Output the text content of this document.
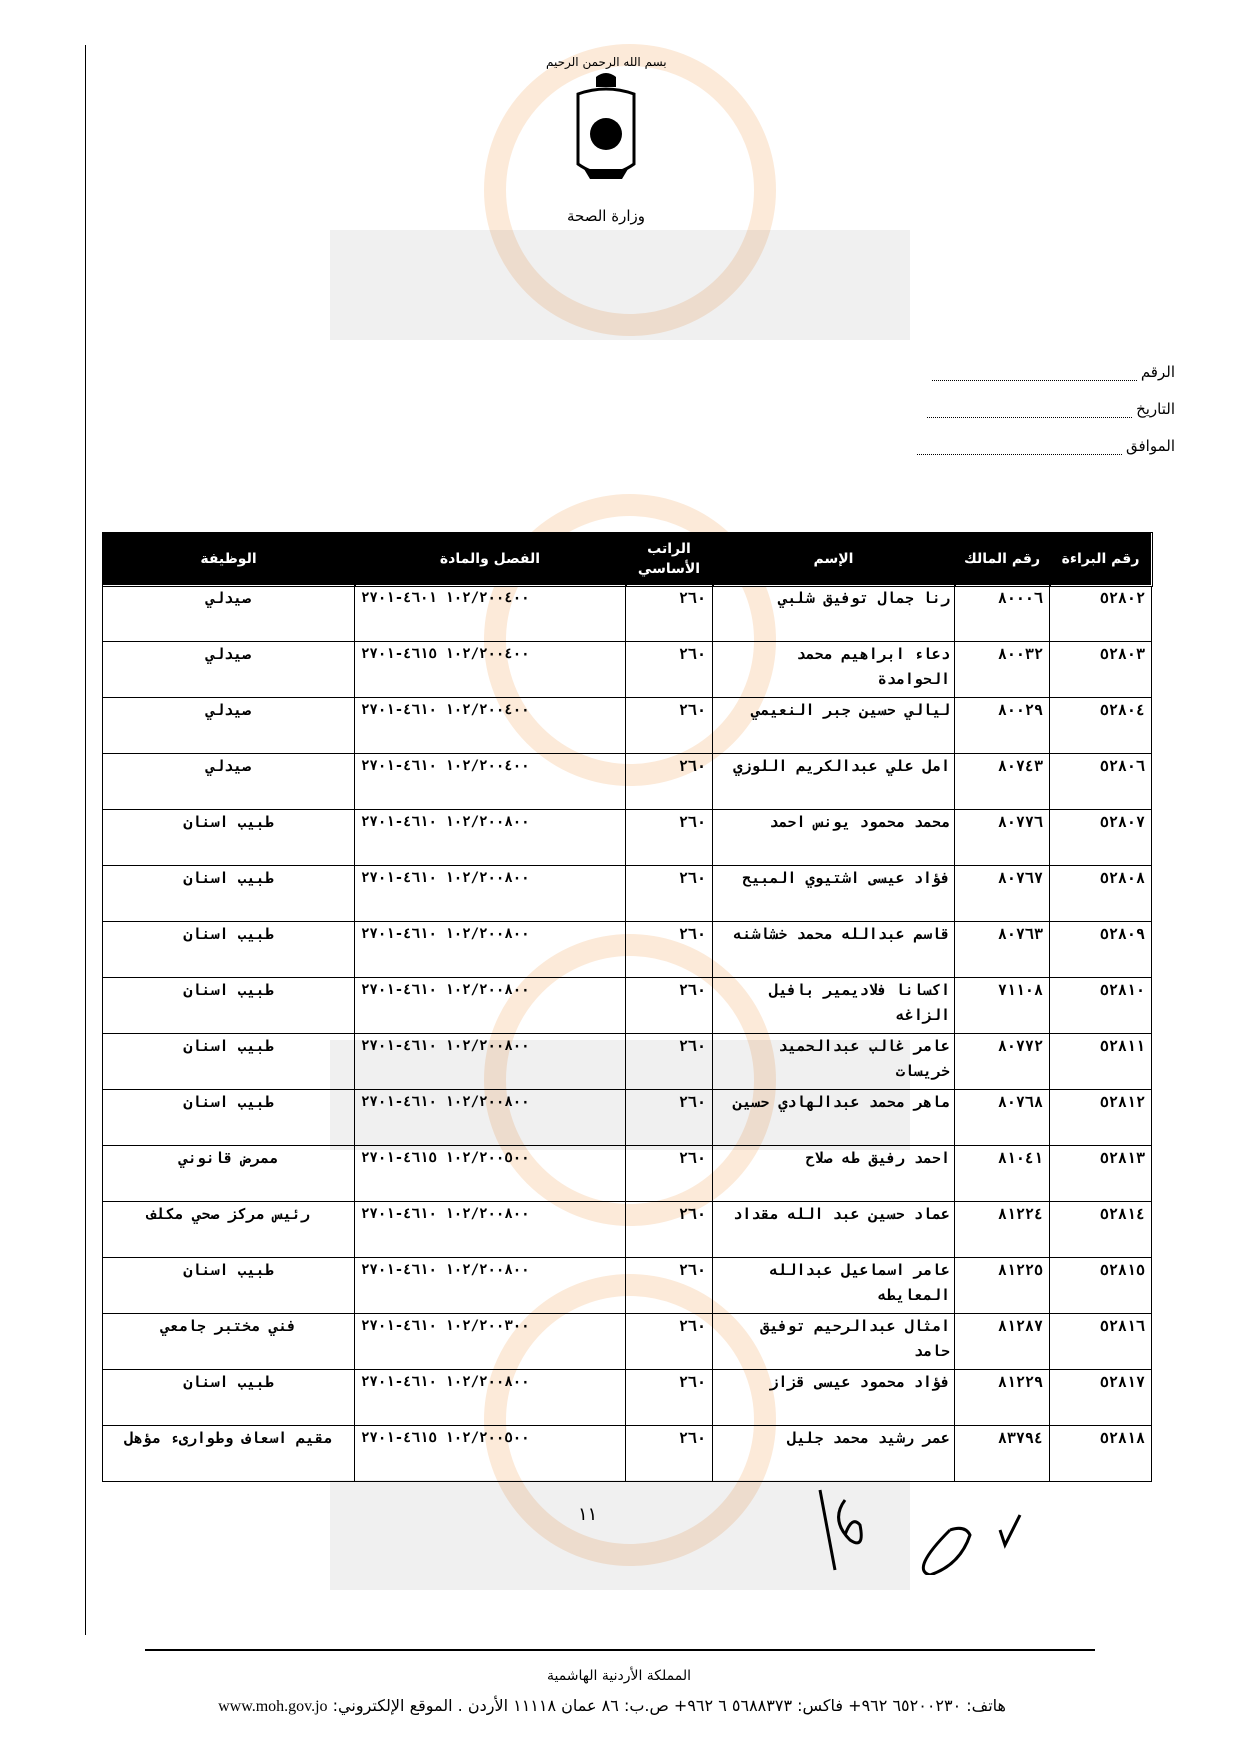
بسم الله الرحمن الرحيم
وزارة الصحة
الرقم
التاريخ
الموافق
رقم البراءة	رقم المالك	الإسم	الراتب الأساسي	الفصل والمادة	الوظيفة
٥٢٨٠٢	٨٠٠٠٦	رنا جمال توفيق شلبي	٢٦٠	١٠٢/٢٠٠٤٠٠ ٤٦٠١-٢٧٠١	صيدلي
٥٢٨٠٣	٨٠٠٣٢	دعاء ابراهيم محمد الحوامدة	٢٦٠	١٠٢/٢٠٠٤٠٠ ٤٦١٥-٢٧٠١	صيدلي
٥٢٨٠٤	٨٠٠٢٩	ليالي حسين جبر النعيمي	٢٦٠	١٠٢/٢٠٠٤٠٠ ٤٦١٠-٢٧٠١	صيدلي
٥٢٨٠٦	٨٠٧٤٣	امل علي عبدالكريم اللوزي	٢٦٠	١٠٢/٢٠٠٤٠٠ ٤٦١٠-٢٧٠١	صيدلي
٥٢٨٠٧	٨٠٧٧٦	محمد محمود يونس احمد	٢٦٠	١٠٢/٢٠٠٨٠٠ ٤٦١٠-٢٧٠١	طبيب اسنان
٥٢٨٠٨	٨٠٧٦٧	فؤاد عيسى اشتيوي المبيح	٢٦٠	١٠٢/٢٠٠٨٠٠ ٤٦١٠-٢٧٠١	طبيب اسنان
٥٢٨٠٩	٨٠٧٦٣	قاسم عبدالله محمد خشاشنه	٢٦٠	١٠٢/٢٠٠٨٠٠ ٤٦١٠-٢٧٠١	طبيب اسنان
٥٢٨١٠	٧١١٠٨	اكسانا فلاديمير بافيل الزاغه	٢٦٠	١٠٢/٢٠٠٨٠٠ ٤٦١٠-٢٧٠١	طبيب اسنان
٥٢٨١١	٨٠٧٧٢	عامر غالب عبدالحميد خريسات	٢٦٠	١٠٢/٢٠٠٨٠٠ ٤٦١٠-٢٧٠١	طبيب اسنان
٥٢٨١٢	٨٠٧٦٨	ماهر محمد عبدالهادي حسين	٢٦٠	١٠٢/٢٠٠٨٠٠ ٤٦١٠-٢٧٠١	طبيب اسنان
٥٢٨١٣	٨١٠٤١	احمد رفيق طه صلاح	٢٦٠	١٠٢/٢٠٠٥٠٠ ٤٦١٥-٢٧٠١	ممرض قانوني
٥٢٨١٤	٨١٢٢٤	عماد حسين عبد الله مقداد	٢٦٠	١٠٢/٢٠٠٨٠٠ ٤٦١٠-٢٧٠١	رئيس مركز صحي مكلف
٥٢٨١٥	٨١٢٢٥	عامر اسماعيل عبدالله المعايطه	٢٦٠	١٠٢/٢٠٠٨٠٠ ٤٦١٠-٢٧٠١	طبيب اسنان
٥٢٨١٦	٨١٢٨٧	امثال عبدالرحيم توفيق حامد	٢٦٠	١٠٢/٢٠٠٣٠٠ ٤٦١٠-٢٧٠١	فني مختبر جامعي
٥٢٨١٧	٨١٢٢٩	فؤاد محمود عيسى قزاز	٢٦٠	١٠٢/٢٠٠٨٠٠ ٤٦١٠-٢٧٠١	طبيب اسنان
٥٢٨١٨	٨٣٧٩٤	عمر رشيد محمد جليل	٢٦٠	١٠٢/٢٠٠٥٠٠ ٤٦١٥-٢٧٠١	مقيم اسعاف وطوارىء مؤهل
١١
المملكة الأردنية الهاشمية
هاتف: ٦٥٢٠٠٢٣٠ ٩٦٢+ فاكس: ٥٦٨٨٣٧٣ ٦ ٩٦٢+ ص.ب: ٨٦ عمان ١١١١٨ الأردن . الموقع الإلكتروني: www.moh.gov.jo
